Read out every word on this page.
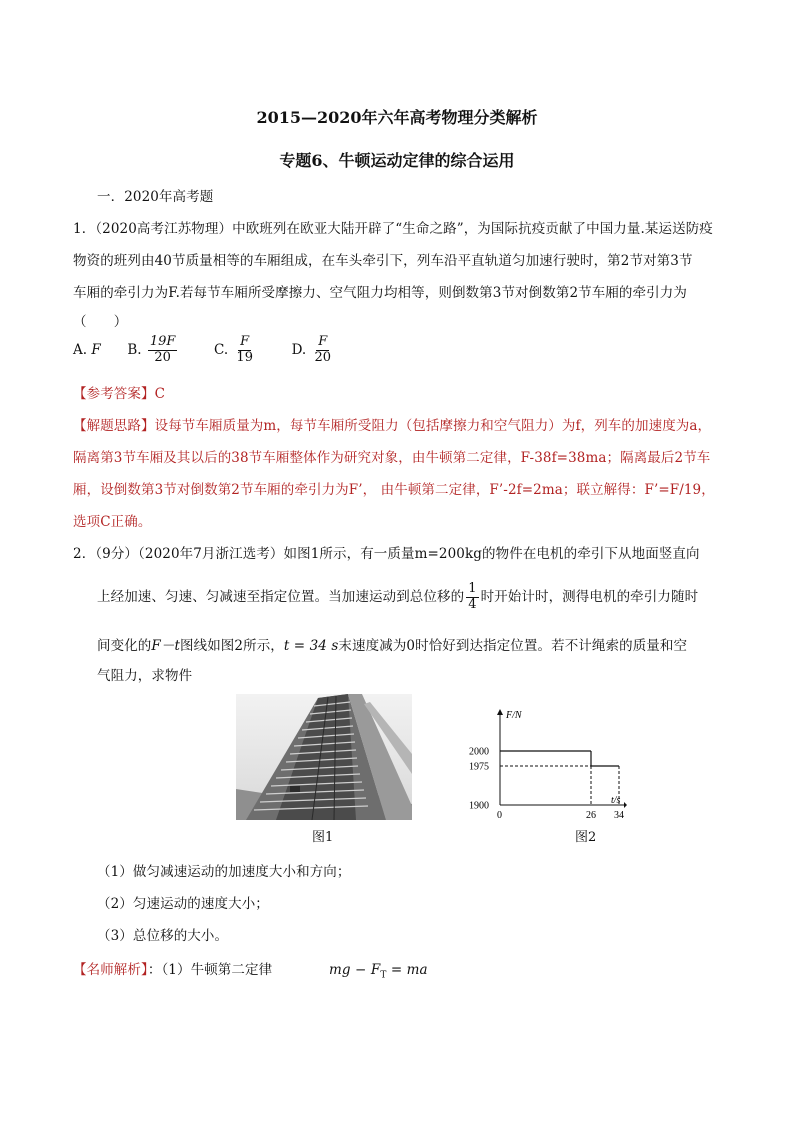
2015—2020年六年高考物理分类解析
专题6、牛顿运动定律的综合运用
一．2020年高考题
1．（2020高考江苏物理）中欧班列在欧亚大陆开辟了“生命之路”，为国际抗疫贡献了中国力量.某运送防疫
物资的班列由40节质量相等的车厢组成，在车头牵引下，列车沿平直轨道匀加速行驶时，第2节对第3节
车厢的牵引力为F.若每节车厢所受摩擦力、空气阻力均相等，则倒数第3节对倒数第2节车厢的牵引力为
（　　）
A. F B. $\frac{19F}{20}$	C. $\frac{F}{19}$	D. $\frac{F}{20}$
【参考答案】C
【解题思路】设每节车厢质量为m，每节车厢所受阻力（包括摩擦力和空气阻力）为f，列车的加速度为a，
隔离第3节车厢及其以后的38节车厢整体作为研究对象，由牛顿第二定律，F-38f=38ma；隔离最后2节车
厢，设倒数第3节对倒数第2节车厢的牵引力为F’， 由牛顿第二定律，F’-2f=2ma；联立解得：F’=F/19，
选项C正确。
2．（9分）（2020年7月浙江选考）如图1所示，有一质量m=200kg的物件在电机的牵引下从地面竖直向
上经加速、匀速、匀减速至指定位置。当加速运动到总位移的 $\frac{1}{4}$ 时开始计时，测得电机的牵引力随时
间变化的F－t图线如图2所示，t = 34 s末速度减为0时恰好到达指定位置。若不计绳索的质量和空
气阻力，求物件
图1
F/N
t/s
0
2000
1975
1900
26 34
图2
（1）做匀减速运动的加速度大小和方向；
（2）匀速运动的速度大小；
（3）总位移的大小。
【名师解析】：（1）牛顿第二定律	mg − $F_T$ = ma
